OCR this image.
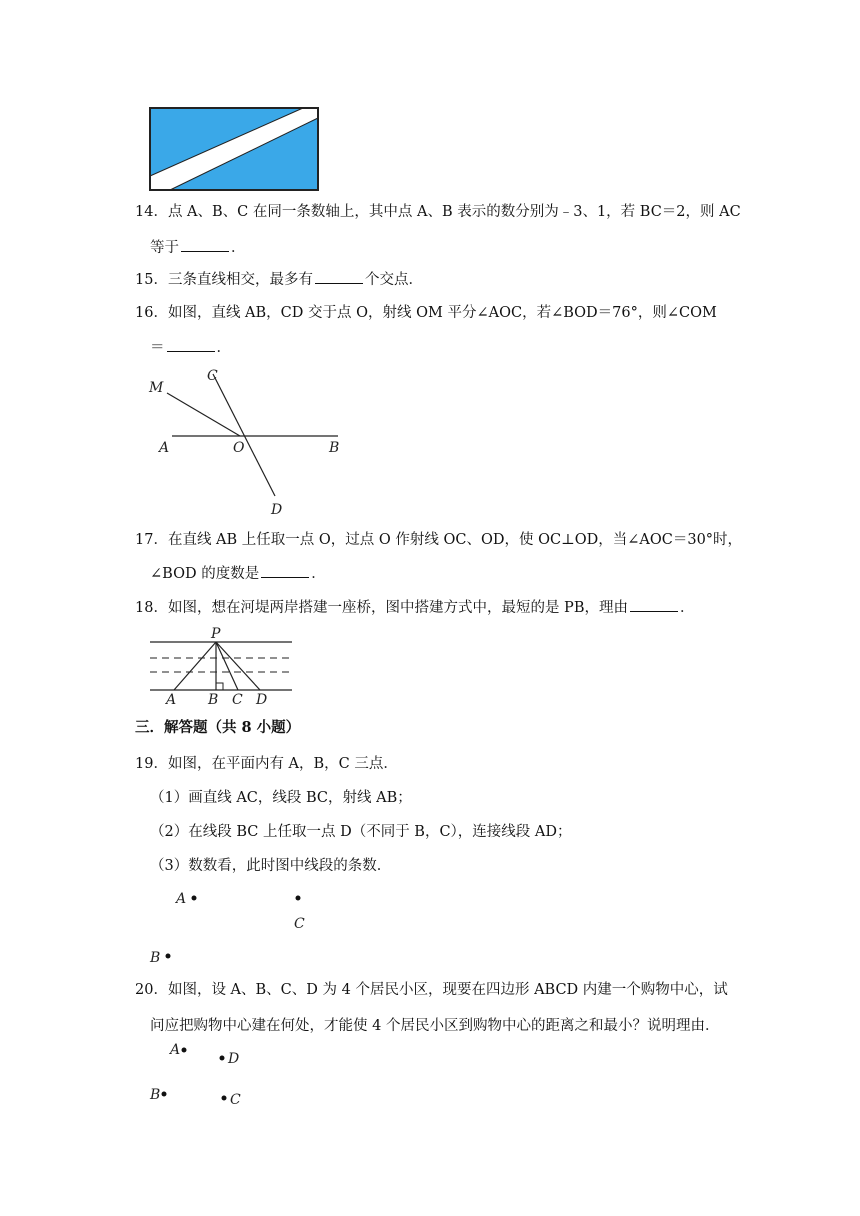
14．点 A、B、C 在同一条数轴上，其中点 A、B 表示的数分别为﹣3、1，若 BC＝2，则 AC
等于	．
15．三条直线相交，最多有	个交点．
16．如图，直线 AB，CD 交于点 O，射线 OM 平分∠AOC，若∠BOD＝76°，则∠COM
＝	．
M
C
A	O	B
D
17．在直线 AB 上任取一点 O，过点 O 作射线 OC、OD，使 OC⊥OD，当∠AOC＝30°时，
∠BOD 的度数是	．
18．如图，想在河堤两岸搭建一座桥，图中搭建方式中，最短的是 PB，理由	．
P
A B C D
三．解答题（共 8 小题）
19．如图，在平面内有 A，B，C 三点．
（1）画直线 AC，线段 BC，射线 AB；
（2）在线段 BC 上任取一点 D（不同于 B，C），连接线段 AD；
（3）数数看，此时图中线段的条数．
A
C
B
20．如图，设 A、B、C、D 为 4 个居民小区，现要在四边形 ABCD 内建一个购物中心，试
问应把购物中心建在何处，才能使 4 个居民小区到购物中心的距离之和最小？说明理由．
A
D
B	C
